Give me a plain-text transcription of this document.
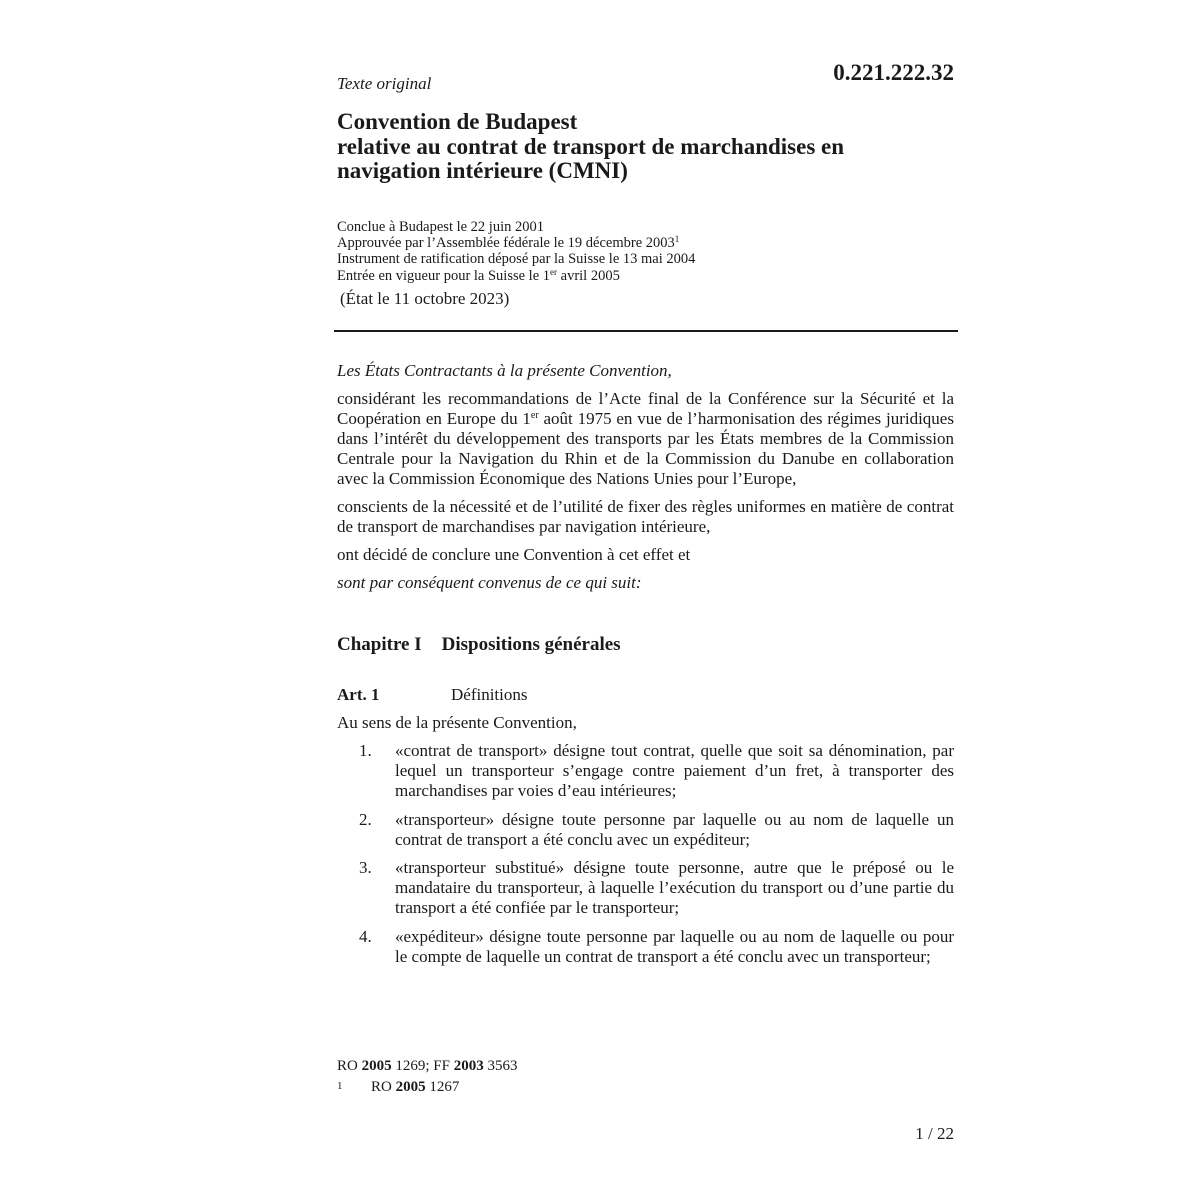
Texte original	0.221.222.32
Convention de Budapest
relative au contrat de transport de marchandises en
navigation intérieure (CMNI)
Conclue à Budapest le 22 juin 2001
Approuvée par l’Assemblée fédérale le 19 décembre 2003$^1$
Instrument de ratification déposé par la Suisse le 13 mai 2004
Entrée en vigueur pour la Suisse le 1er avril 2005
(État le 11 octobre 2023)
Les États Contractants à la présente Convention,
considérant les recommandations de l’Acte final de la Conférence sur la Sécurité et la Coopération en Europe du 1er août 1975 en vue de l’harmonisation des régimes juridiques dans l’intérêt du développement des transports par les États membres de la Commission Centrale pour la Navigation du Rhin et de la Commission du Danube en collaboration avec la Commission Économique des Nations Unies pour l’Europe,
conscients de la nécessité et de l’utilité de fixer des règles uniformes en matière de contrat de transport de marchandises par navigation intérieure,
ont décidé de conclure une Convention à cet effet et
sont par conséquent convenus de ce qui suit:
Chapitre I Dispositions générales
Art. 1	Définitions
Au sens de la présente Convention,
1. «contrat de transport» désigne tout contrat, quelle que soit sa dénomination, par lequel un transporteur s’engage contre paiement d’un fret, à transporter des marchandises par voies d’eau intérieures;
2. «transporteur» désigne toute personne par laquelle ou au nom de laquelle un contrat de transport a été conclu avec un expéditeur;
3. «transporteur substitué» désigne toute personne, autre que le préposé ou le mandataire du transporteur, à laquelle l’exécution du transport ou d’une partie du transport a été confiée par le transporteur;
4. «expéditeur» désigne toute personne par laquelle ou au nom de laquelle ou pour le compte de laquelle un contrat de transport a été conclu avec un transporteur;
RO 2005 1269; FF 2003 3563
1 RO 2005 1267
1 / 22
